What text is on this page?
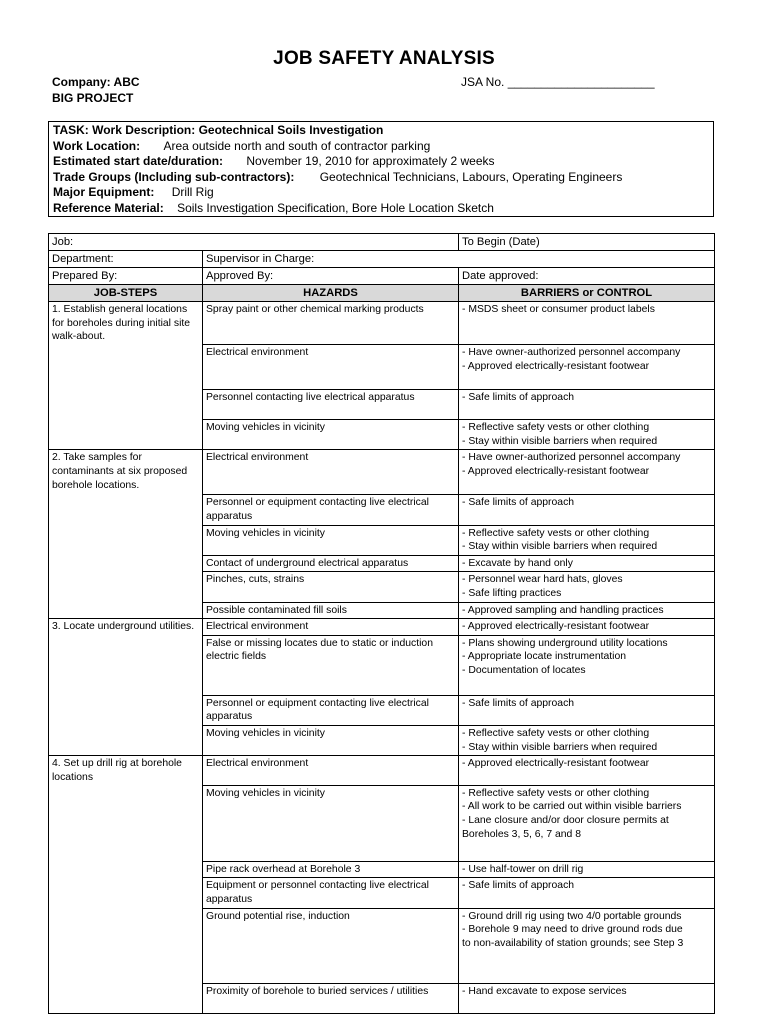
JOB SAFETY ANALYSIS
Company: ABC
BIG PROJECT
JSA No. ______________________
TASK: Work Description: Geotechnical Soils Investigation
Work Location: Area outside north and south of contractor parking
Estimated start date/duration: November 19, 2010 for approximately 2 weeks
Trade Groups (Including sub-contractors): Geotechnical Technicians, Labours, Operating Engineers
Major Equipment: Drill Rig
Reference Material: Soils Investigation Specification, Bore Hole Location Sketch
Job:		To Begin (Date)
Department:	Supervisor in Charge:	
Prepared By:	Approved By:	Date approved:
JOB-STEPS	HAZARDS	BARRIERS or CONTROL
1. Establish general locations for boreholes during initial site walk-about.	Spray paint or other chemical marking products	- MSDS sheet or consumer product labels

	Electrical environment	- Have owner-authorized personnel accompany
- Approved electrically-resistant footwear

	Personnel contacting live electrical apparatus	- Safe limits of approach

	Moving vehicles in vicinity	- Reflective safety vests or other clothing
- Stay within visible barriers when required

2. Take samples for contaminants at six proposed borehole locations.	Electrical environment	- Have owner-authorized personnel accompany
- Approved electrically-resistant footwear

	Personnel or equipment contacting live electrical apparatus	- Safe limits of approach

	Moving vehicles in vicinity	- Reflective safety vests or other clothing
- Stay within visible barriers when required

	Contact of underground electrical apparatus	- Excavate by hand only

	Pinches, cuts, strains	- Personnel wear hard hats, gloves
- Safe lifting practices

	Possible contaminated fill soils	- Approved sampling and handling practices

3. Locate underground utilities.	Electrical environment	- Approved electrically-resistant footwear

	False or missing locates due to static or induction electric fields	- Plans showing underground utility locations
- Appropriate locate instrumentation
- Documentation of locates

	Personnel or equipment contacting live electrical apparatus	- Safe limits of approach

	Moving vehicles in vicinity	- Reflective safety vests or other clothing
- Stay within visible barriers when required

4. Set up drill rig at borehole locations	Electrical environment	- Approved electrically-resistant footwear

	Moving vehicles in vicinity	- Reflective safety vests or other clothing
- All work to be carried out within visible barriers
- Lane closure and/or door closure permits at
Boreholes 3, 5, 6, 7 and 8

	Pipe rack overhead at Borehole 3	- Use half-tower on drill rig

	Equipment or personnel contacting live electrical apparatus	- Safe limits of approach

	Ground potential rise, induction	- Ground drill rig using two 4/0 portable grounds
- Borehole 9 may need to drive ground rods due
to non-availability of station grounds; see Step 3

	Proximity of borehole to buried services / utilities	- Hand excavate to expose services
